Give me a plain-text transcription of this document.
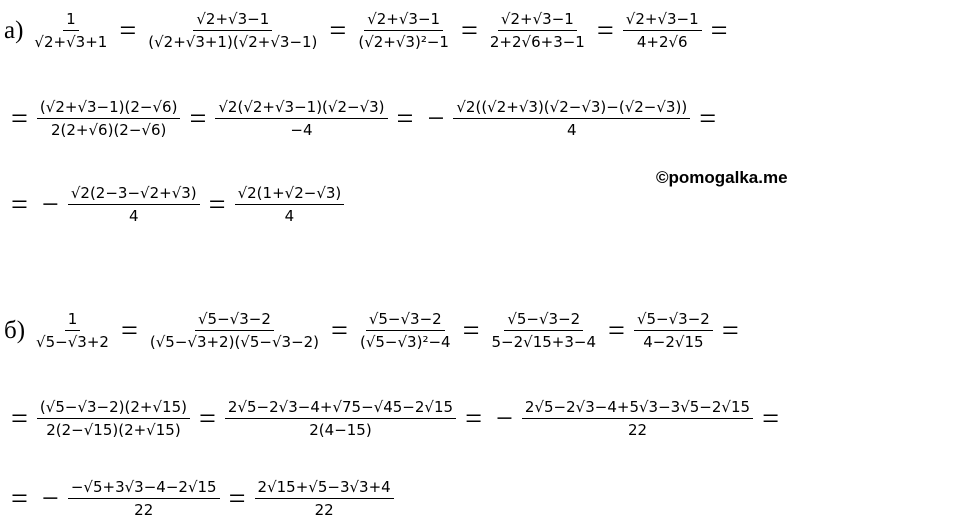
$а) \frac{1}{√2+√3+1} = \frac{√2+√3-1}{(√2+√3+1)(√2+√3-1)} = \frac{√2+√3-1}{\text{(√2+√3)²−1}} = \frac{√2+√3-1}{2+2√6+3-1} = \frac{√2+√3-1}{4+2√6}$ =
= $\frac{(√2+√3-1)(2-√6)}{2(2+√6)(2-√6)} = \frac{√2(√2+√3-1)(√2-√3)}{-4}$ = − $\frac{√2((√2+√3)(√2-√3)-(√2-√3))}{4}$ =
= − $\frac{√2(2-3-√2+√3)}{4} = \frac{√2(1+√2-√3)}{4}$
©pomogalka.me
$б) \frac{1}{√5-√3+2} = \frac{√5-√3-2}{(√5-√3+2)(√5-√3-2)} = \frac{√5-√3-2}{\text{(√5−√3)²−4}} = \frac{√5-√3-2}{5-2√15+3-4} = \frac{√5-√3-2}{4-2√15}$ =
= $\frac{(√5-√3-2)(2+√15)}{2(2-√15)(2+√15)} = \frac{2√5-2√3-4+√75-√45-2√15}{2(4-15)}$ = − $\frac{2√5-2√3-4+5√3-3√5-2√15}{22}$ =
= − $\frac{-√5+3√3-4-2√15}{22} = \frac{2√15+√5-3√3+4}{22}$
